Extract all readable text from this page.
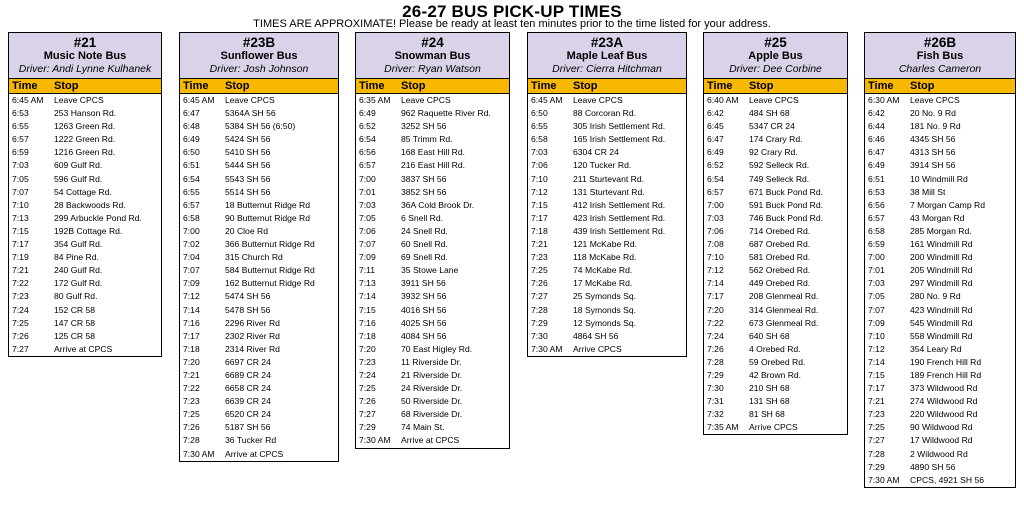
26-27 BUS PICK-UP TIMES
TIMES ARE APPROXIMATE! Please be ready at least ten minutes prior to the time listed for your address.
#21
Music Note Bus
Driver: Andi Lynne Kulhanek
Time	Stop
6:45 AM	Leave CPCS
6:53	253 Hanson Rd.
6:55	1263 Green Rd.
6:57	1222 Green Rd.
6:59	1216 Green Rd.
7:03	609 Gulf Rd.
7:05	596 Gulf Rd.
7:07	54 Cottage Rd.
7:10	28 Backwoods Rd.
7:13	299 Arbuckle Pond Rd.
7:15	192B Cottage Rd.
7:17	354 Gulf Rd.
7:19	84 Pine Rd.
7:21	240 Gulf Rd.
7:22	172 Gulf Rd.
7:23	80 Gulf Rd.
7:24	152 CR 58
7:25	147 CR 58
7:26	125 CR 58
7:27	Arrive at CPCS
#23B
Sunflower Bus
Driver: Josh Johnson
Time	Stop
6:45 AM	Leave CPCS
6:47	5364A SH 56
6:48	5384 SH 56 (6:50)
6:49	5424 SH 56
6:50	5410 SH 56
6:51	5444 SH 56
6:54	5543 SH 56
6:55	5514 SH 56
6:57	18 Butternut Ridge Rd
6:58	90 Butternut Ridge Rd
7:00	20 Cloe Rd
7:02	366 Butternut Ridge Rd
7:04	315 Church Rd
7:07	584 Butternut Ridge Rd
7:09	162 Butternut Ridge Rd
7:12	5474 SH 56
7:14	5478 SH 56
7:16	2296 River Rd
7:17	2302 River Rd
7:18	2314 River Rd
7:20	6697 CR 24
7:21	6689 CR 24
7:22	6658 CR 24
7:23	6639 CR 24
7:25	6520 CR 24
7:26	5187 SH 56
7:28	36 Tucker Rd
7:30 AM	Arrive at CPCS
#24
Snowman Bus
Driver: Ryan Watson
Time	Stop
6:35 AM	Leave CPCS
6:49	962 Raquette River Rd.
6:52	3252 SH 56
6:54	85 Trimm Rd.
6:56	168 East Hill Rd.
6:57	216 East Hill Rd.
7:00	3837 SH 56
7:01	3852 SH 56
7:03	36A Cold Brook Dr.
7:05	6 Snell Rd.
7:06	24 Snell Rd.
7:07	60 Snell Rd.
7:09	69 Snell Rd.
7:11	35 Stowe Lane
7:13	3911 SH 56
7:14	3932 SH 56
7:15	4016 SH 56
7:16	4025 SH 56
7:18	4084 SH 56
7:20	70 East Higley Rd.
7:23	11 Riverside Dr.
7:24	21 Riverside Dr.
7:25	24 Riverside Dr.
7:26	50 Riverside Dr.
7:27	68 Riverside Dr.
7:29	74 Main St.
7:30 AM	Arrive at CPCS
#23A
Maple Leaf Bus
Driver: Cierra Hitchman
Time	Stop
6:45 AM	Leave CPCS
6:50	88 Corcoran Rd.
6:55	305 Irish Settlement Rd.
6:58	165 Irish Settlement Rd.
7:03	6304 CR 24
7:06	120 Tucker Rd.
7:10	211 Sturtevant Rd.
7:12	131 Sturtevant Rd.
7:15	412 Irish Settlement Rd.
7:17	423 Irish Settlement Rd.
7:18	439 Irish Settlement Rd.
7:21	121 McKabe Rd.
7:23	118 McKabe Rd.
7:25	74 McKabe Rd.
7:26	17 McKabe Rd.
7:27	25 Symonds Sq.
7:28	18 Symonds Sq.
7:29	12 Symonds Sq.
7:30	4864 SH 56
7:30 AM	Arrive CPCS
#25
Apple Bus
Driver: Dee Corbine
Time	Stop
6:40 AM	Leave CPCS
6:42	484 SH 68
6:45	5347 CR 24
6:47	174 Crary Rd.
6:49	92 Crary Rd.
6:52	592 Selleck Rd.
6:54	749 Selleck Rd.
6:57	671 Buck Pond Rd.
7:00	591 Buck Pond Rd.
7:03	746 Buck Pond Rd.
7:06	714 Orebed Rd.
7:08	687 Orebed Rd.
7:10	581 Orebed Rd.
7:12	562 Orebed Rd.
7:14	449 Orebed Rd.
7:17	208 Glenmeal Rd.
7:20	314 Glenmeal Rd.
7:22	673 Glenmeal Rd.
7:24	640 SH 68
7:26	4 Orebed Rd.
7:28	59 Orebed Rd.
7:29	42 Brown Rd.
7:30	210 SH 68
7:31	131 SH 68
7:32	81 SH 68
7:35 AM	Arrive CPCS
#26B
Fish Bus
Charles Cameron
Time	Stop
6:30 AM	Leave CPCS
6:42	20 No. 9 Rd
6:44	181 No. 9 Rd
6:46	4345 SH 56
6:47	4313 SH 56
6:49	3914 SH 56
6:51	10 Windmill Rd
6:53	38 Mill St
6:56	7 Morgan Camp Rd
6:57	43 Morgan Rd
6:58	285 Morgan Rd.
6:59	161 Windmill Rd
7:00	200 Windmill Rd
7:01	205 Windmill Rd
7:03	297 Windmill Rd
7:05	280 No. 9 Rd
7:07	423 Windmill Rd
7:09	545 Windmill Rd
7:10	558 Windmill Rd
7:12	354 Leary Rd
7:14	190 French Hill Rd
7:15	189 French Hill Rd
7:17	373 Wildwood Rd
7:21	274 Wildwood Rd
7:23	220 Wildwood Rd
7:25	90 Wildwood Rd
7:27	17 Wildwood Rd
7:28	2 Wildwood Rd
7:29	4890 SH 56
7:30 AM	CPCS, 4921 SH 56
